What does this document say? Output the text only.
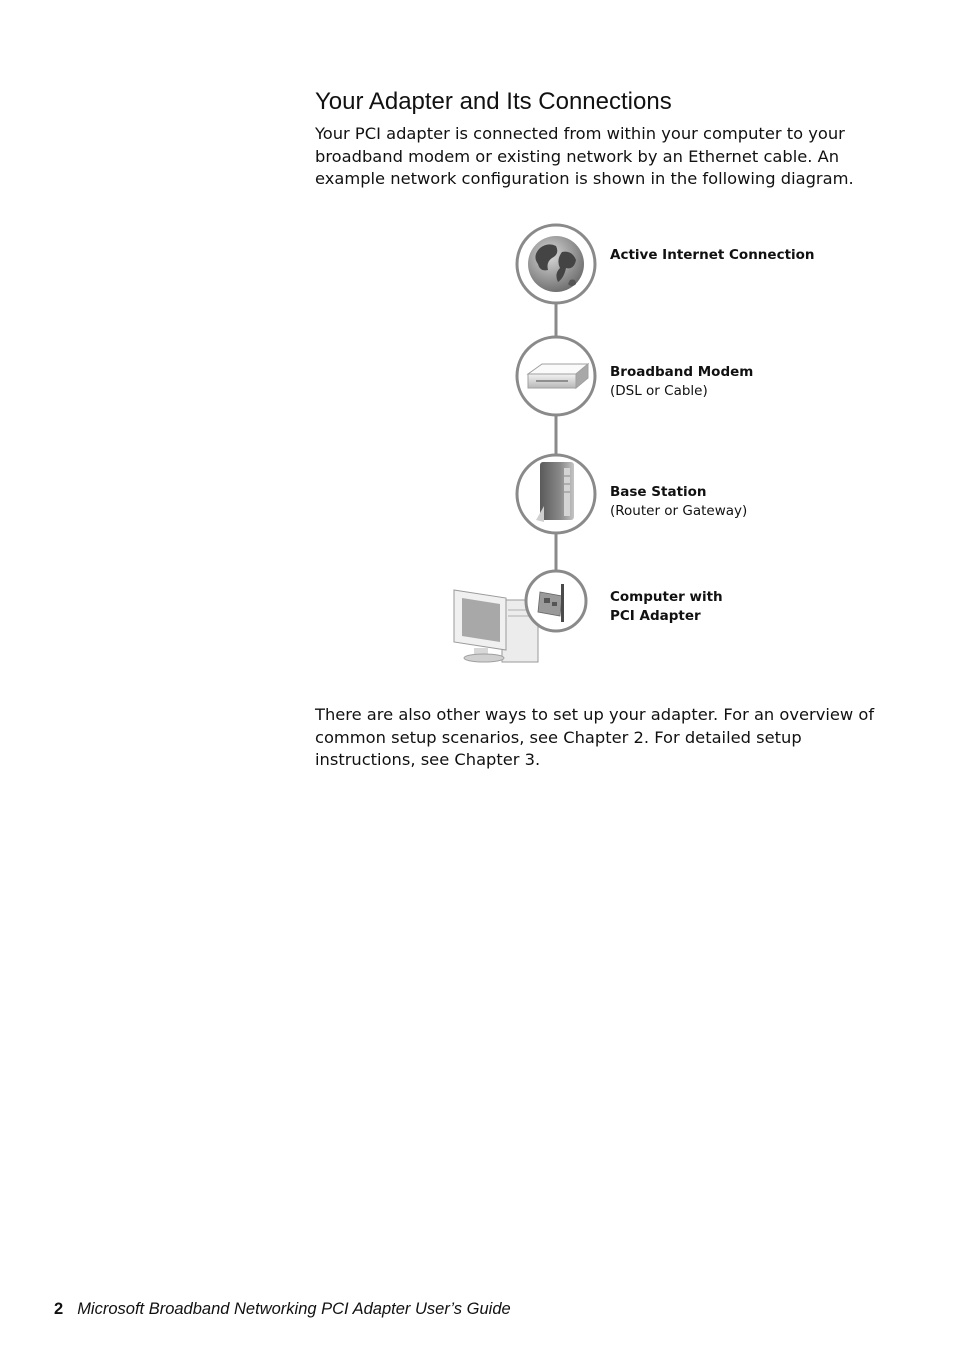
Your Adapter and Its Connections

Your PCI adapter is connected from within your computer to your broadband modem or existing network by an Ethernet cable. An example network configuration is shown in the following diagram.

Active Internet Connection

Broadband Modem
(DSL or Cable)

Base Station
(Router or Gateway)

Computer with
PCI Adapter

There are also other ways to set up your adapter. For an overview of common setup scenarios, see Chapter 2. For detailed setup instructions, see Chapter 3.

2 Microsoft Broadband Networking PCI Adapter User’s Guide
